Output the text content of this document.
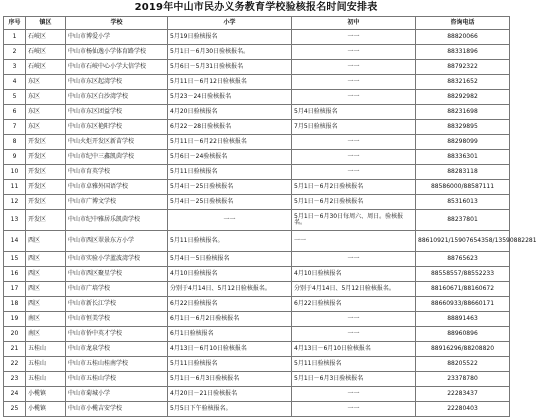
2019年中山市民办义务教育学校验核报名时间安排表
序号	镇区	学校	小学	初中	咨询电话
1	石岐区	中山市博爱小学	5月19日验核报名	一一	88820066
2	石岐区	中山市杨仙逸小学体育路学校	5月1日－6月30日验核报名。	一一	88331896
3	石岐区	中山市石岐中心小学大信学校	5月6日－5月31日验核报名	一一	88792322
4	东区	中山市东区起湾学校	5月11日－6月12日验核报名	一一	88321652
5	东区	中山市东区白沙湾学校	5月23－24日验核报名	一一	88292982
6	东区	中山市东区团益学校	4月20日验核报名	5月4日验核报名	88231698
7	东区	中山市东区艳阳学校	6月22－28日验核报名	7月5日验核报名	88329895
8	开发区	中山火炬开发区新苗学校	5月11日－6月22日验核报名	一一	88298099
9	开发区	中山市纪中三鑫凯茵学校	5月6日－24验核报名	一一	88336301
10	开发区	中山市育英学校	5月11日验核报名	一一	88283118
11	开发区	中山市卓雅外国语学校	5月4日－25日验核报名	5月1日－6月2日验核报名	88586000/88587111
12	开发区	中山市广博文学校	5月4日－25日验核报名	5月1日－6月2日验核报名	85316013
13	开发区	中山市纪中雅居乐凯茵学校	一一	5月1日－6月30日每周六、周日。验核报名。	88237801
14	西区	中山市西区翠景东方小学	5月11日验核报名。	一一	88610921/15907654358/13590882281
15	西区	中山市实验小学蓝波湾学校	5月4日－5日验核报名	一一	88765623
16	西区	中山市西区聚星学校	4月10日验核报名	4月10日验核报名	88558557/88552233
17	西区	中山市广培学校	分别于4月14日、5月12日验核报名。	分别于4月14日、5月12日验核报名。	88160671/88160672
18	西区	中山市新长江学校	6月22日验核报名	6月22日验核报名	88660933/88660171
19	南区	中山市恒美学校	6月1日－6月2日验核报名	一一	88891463
20	南区	中山市侨中英才学校	6月1日验核报名	一一	88960896
21	五桂山	中山市龙泉学校	4月13日－6月10日验核报名	4月13日－6月10日验核报名	88916296/88208820
22	五桂山	中山市五桂山桂南学校	5月11日验核报名	5月11日验核报名	88205522
23	五桂山	中山市五桂山学校	5月1日－6月3日验核报名	5月1日－6月3日验核报名	23378780
24	小榄镇	中山市菊城小学	4月20日－21日验核报名	一一	22283437
25	小榄镇	中山市小榄吉安学校	5月5日下午验核报名。	一一	22280403
